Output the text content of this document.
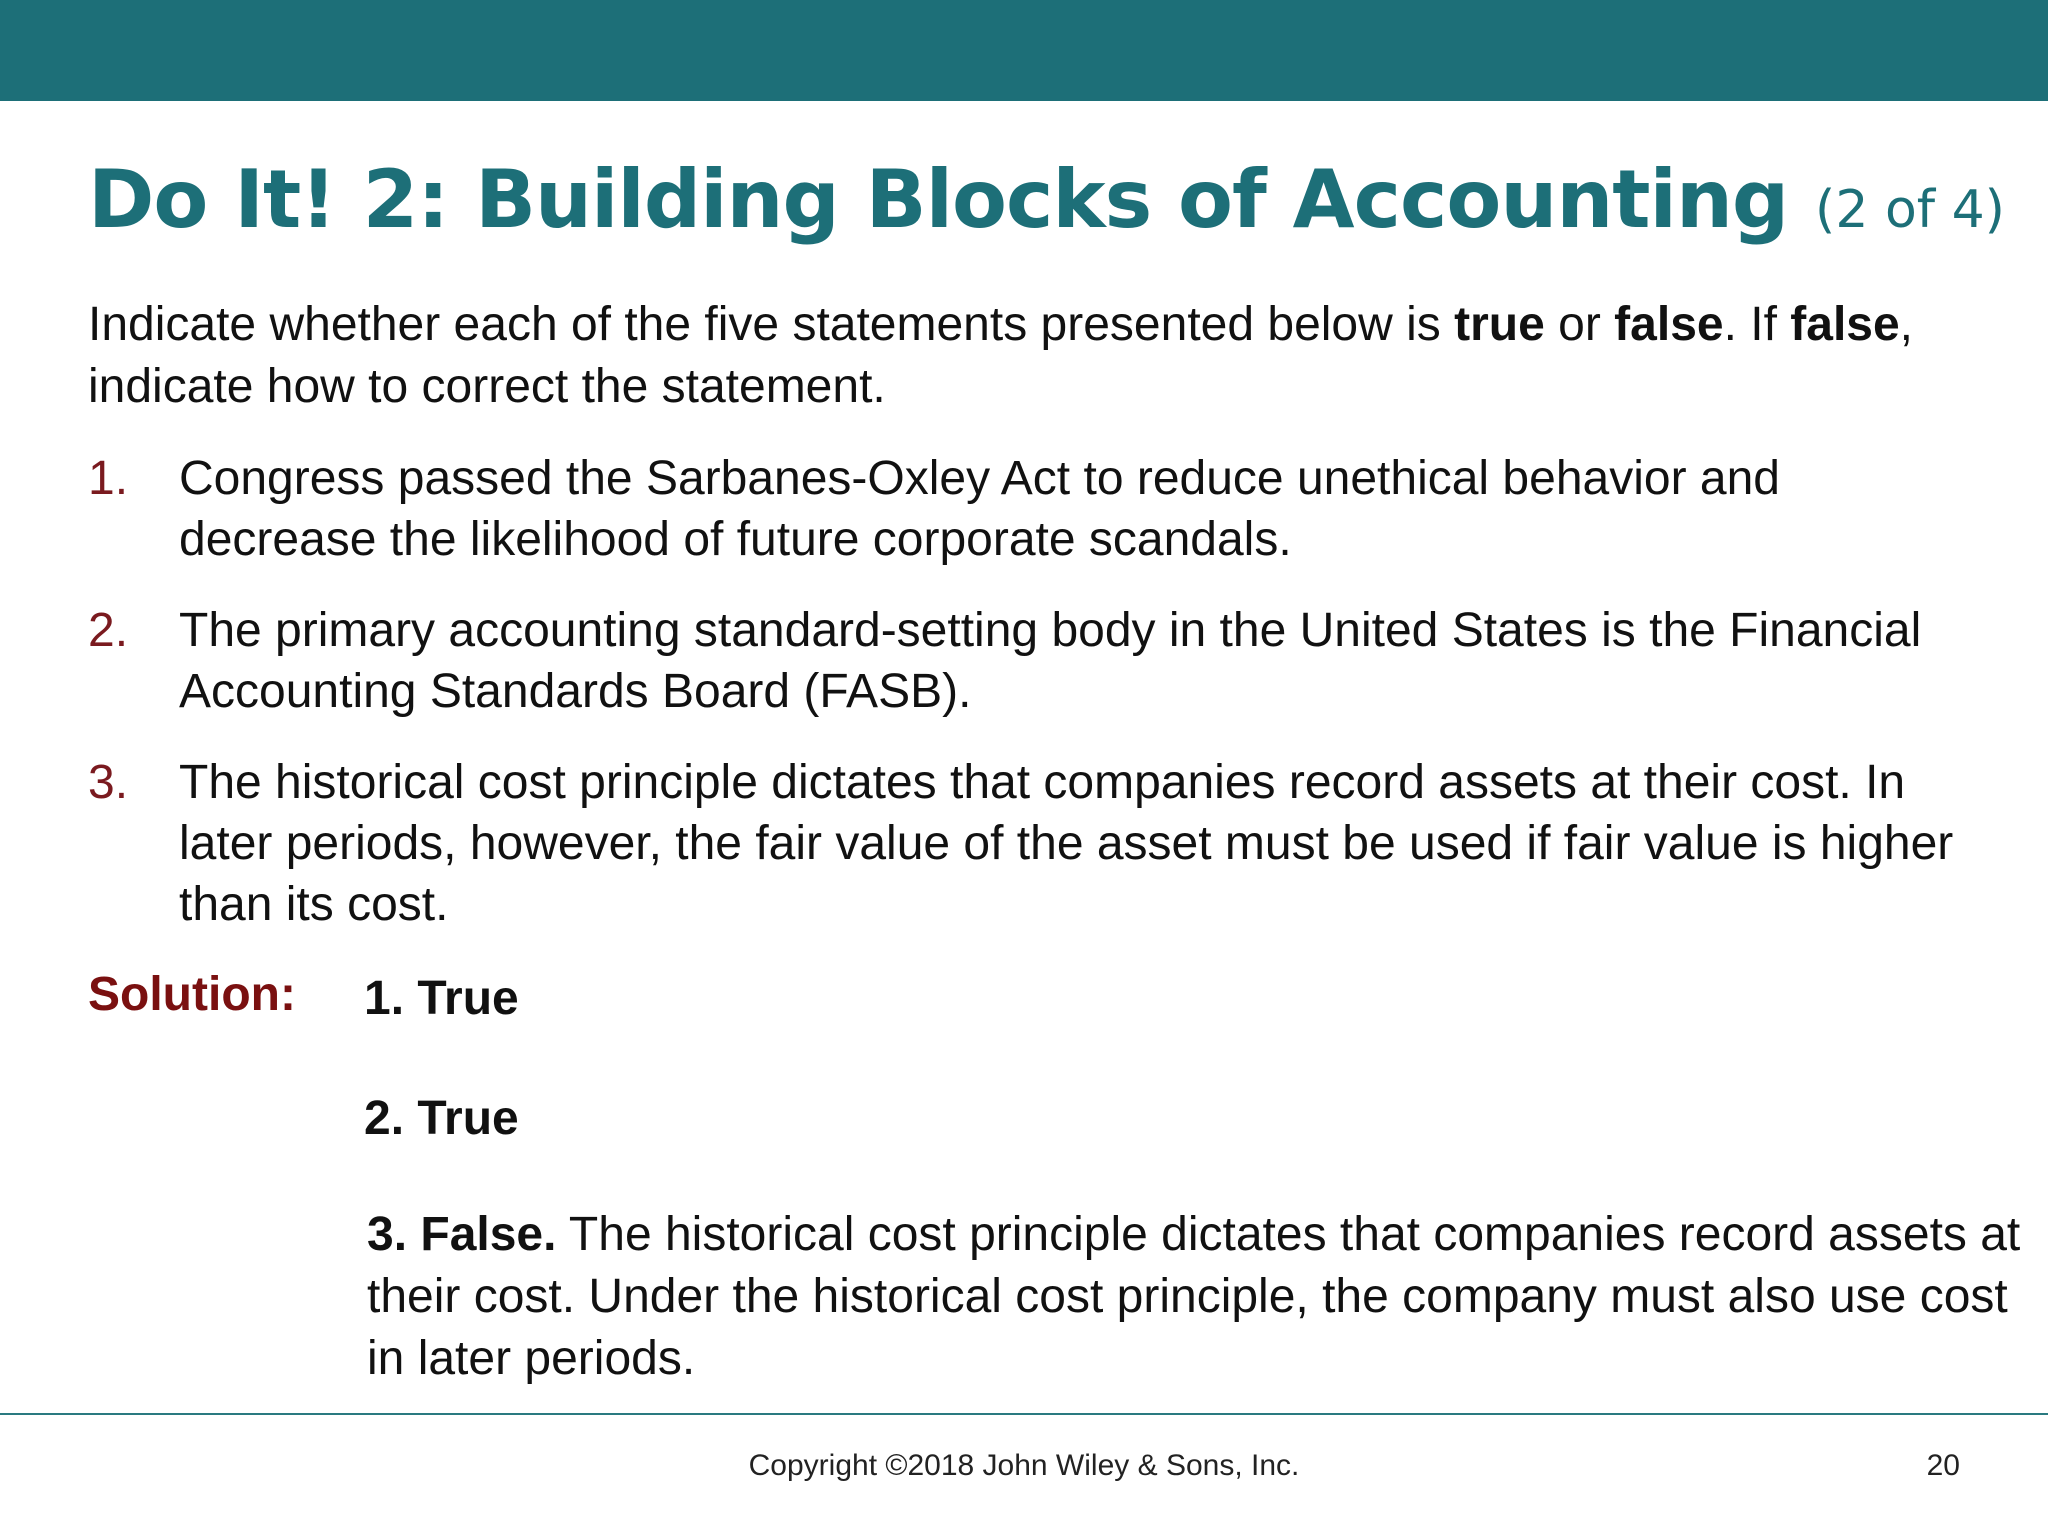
Do It! 2: Building Blocks of Accounting (2 of 4)

Indicate whether each of the five statements presented below is true or false. If false, indicate how to correct the statement.

1. Congress passed the Sarbanes-Oxley Act to reduce unethical behavior and decrease the likelihood of future corporate scandals.
2. The primary accounting standard-setting body in the United States is the Financial Accounting Standards Board (FASB).
3. The historical cost principle dictates that companies record assets at their cost. In later periods, however, the fair value of the asset must be used if fair value is higher than its cost.
Solution: 1. True
2. True
3. False. The historical cost principle dictates that companies record assets at their cost. Under the historical cost principle, the company must also use cost in later periods.
Copyright ©2018 John Wiley & Sons, Inc.	20
